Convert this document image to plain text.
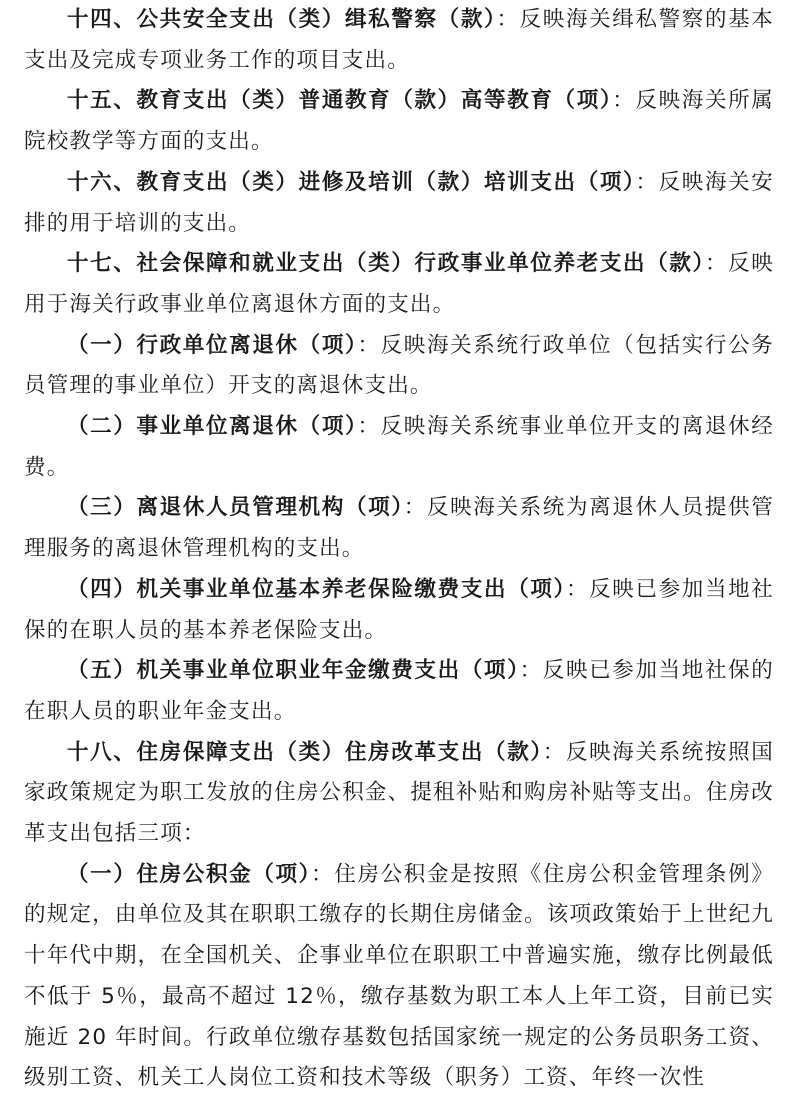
十四、公共安全支出（类）缉私警察（款）：反映海关缉私警察的基本支出及完成专项业务工作的项目支出。

十五、教育支出（类）普通教育（款）高等教育（项）：反映海关所属院校教学等方面的支出。

十六、教育支出（类）进修及培训（款）培训支出（项）：反映海关安排的用于培训的支出。

十七、社会保障和就业支出（类）行政事业单位养老支出（款）：反映用于海关行政事业单位离退休方面的支出。

（一）行政单位离退休（项）：反映海关系统行政单位（包括实行公务员管理的事业单位）开支的离退休支出。

（二）事业单位离退休（项）：反映海关系统事业单位开支的离退休经费。

（三）离退休人员管理机构（项）：反映海关系统为离退休人员提供管理服务的离退休管理机构的支出。

（四）机关事业单位基本养老保险缴费支出（项）：反映已参加当地社保的在职人员的基本养老保险支出。

（五）机关事业单位职业年金缴费支出（项）：反映已参加当地社保的在职人员的职业年金支出。

十八、住房保障支出（类）住房改革支出（款）：反映海关系统按照国家政策规定为职工发放的住房公积金、提租补贴和购房补贴等支出。住房改革支出包括三项：

（一）住房公积金（项）：住房公积金是按照《住房公积金管理条例》的规定，由单位及其在职职工缴存的长期住房储金。该项政策始于上世纪九十年代中期，在全国机关、企事业单位在职职工中普遍实施，缴存比例最低不低于 5％，最高不超过 12％，缴存基数为职工本人上年工资，目前已实施近 20 年时间。行政单位缴存基数包括国家统一规定的公务员职务工资、级别工资、机关工人岗位工资和技术等级（职务）工资、年终一次性
